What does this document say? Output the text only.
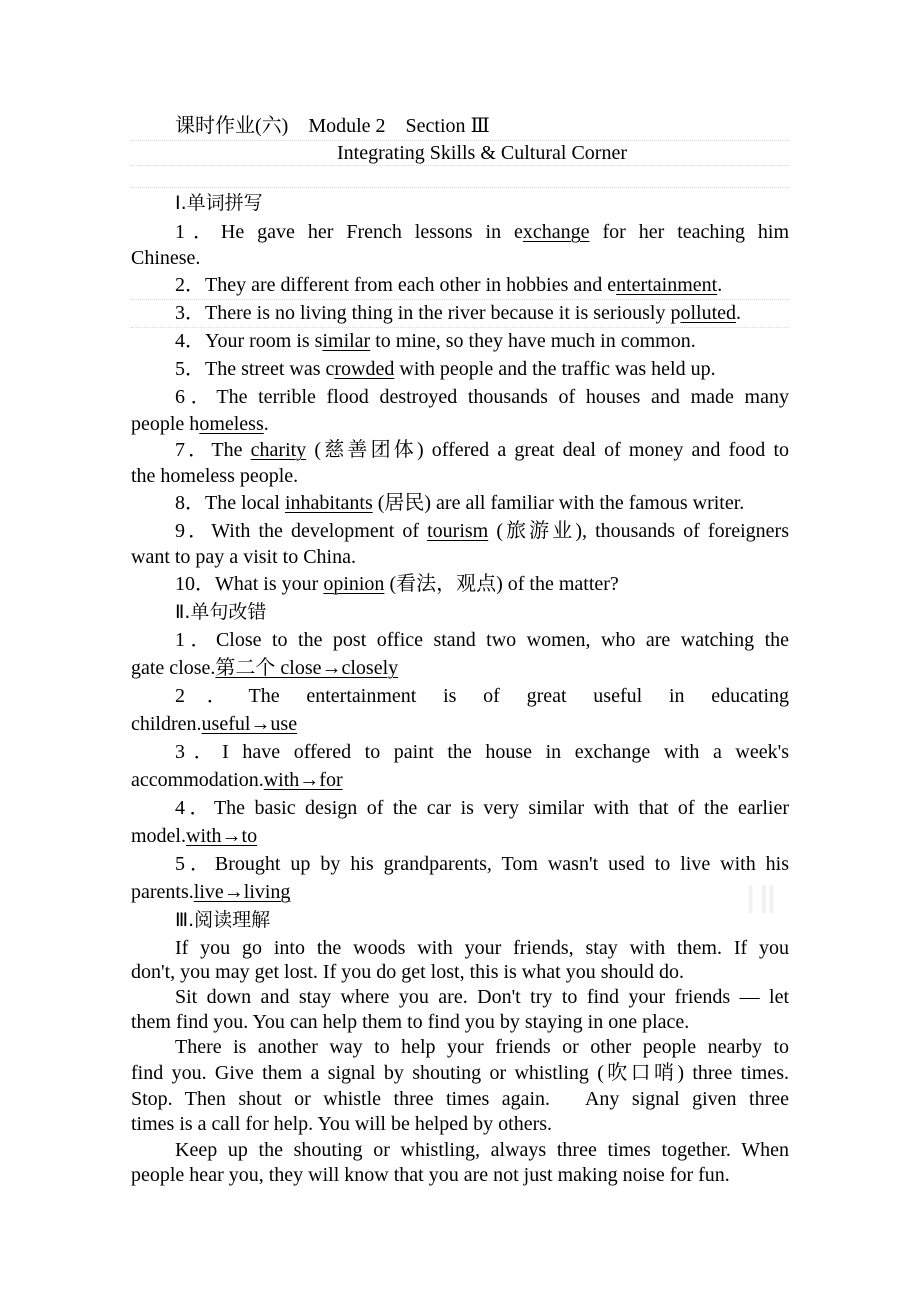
课时作业(六)　Module 2　Section Ⅲ
Integrating Skills & Cultural Corner
Ⅰ.单词拼写
1．He gave her French lessons in exchange for her teaching him
Chinese.
2．They are different from each other in hobbies and entertainment.
3．There is no living thing in the river because it is seriously polluted.
4．Your room is similar to mine, so they have much in common.
5．The street was crowded with people and the traffic was held up.
6．The terrible flood destroyed thousands of houses and made many
people homeless.
7．The charity (慈善团体) offered a great deal of money and food to
the homeless people.
8．The local inhabitants (居民) are all familiar with the famous writer.
9．With the development of tourism (旅游业), thousands of foreigners
want to pay a visit to China.
10．What is your opinion (看法，观点) of the matter?
Ⅱ.单句改错
1．Close to the post office stand two women, who are watching the
gate close.第二个 close→closely
2．The entertainment is of great useful in educating
children.useful→use
3．I have offered to paint the house in exchange with a week's
accommodation.with→for
4．The basic design of the car is very similar with that of the earlier
model.with→to
5．Brought up by his grandparents, Tom wasn't used to live with his
parents.live→living
Ⅲ.阅读理解
If you go into the woods with your friends, stay with them. If you
don't, you may get lost. If you do get lost, this is what you should do.
Sit down and stay where you are. Don't try to find your friends — let
them find you. You can help them to find you by staying in one place.
There is another way to help your friends or other people nearby to
find you. Give them a signal by shouting or whistling (吹口哨) three times.
Stop. Then shout or whistle three times again.　Any signal given three
times is a call for help. You will be helped by others.
Keep up the shouting or whistling, always three times together. When
people hear you, they will know that you are not just making noise for fun.
ⅠⅡ
